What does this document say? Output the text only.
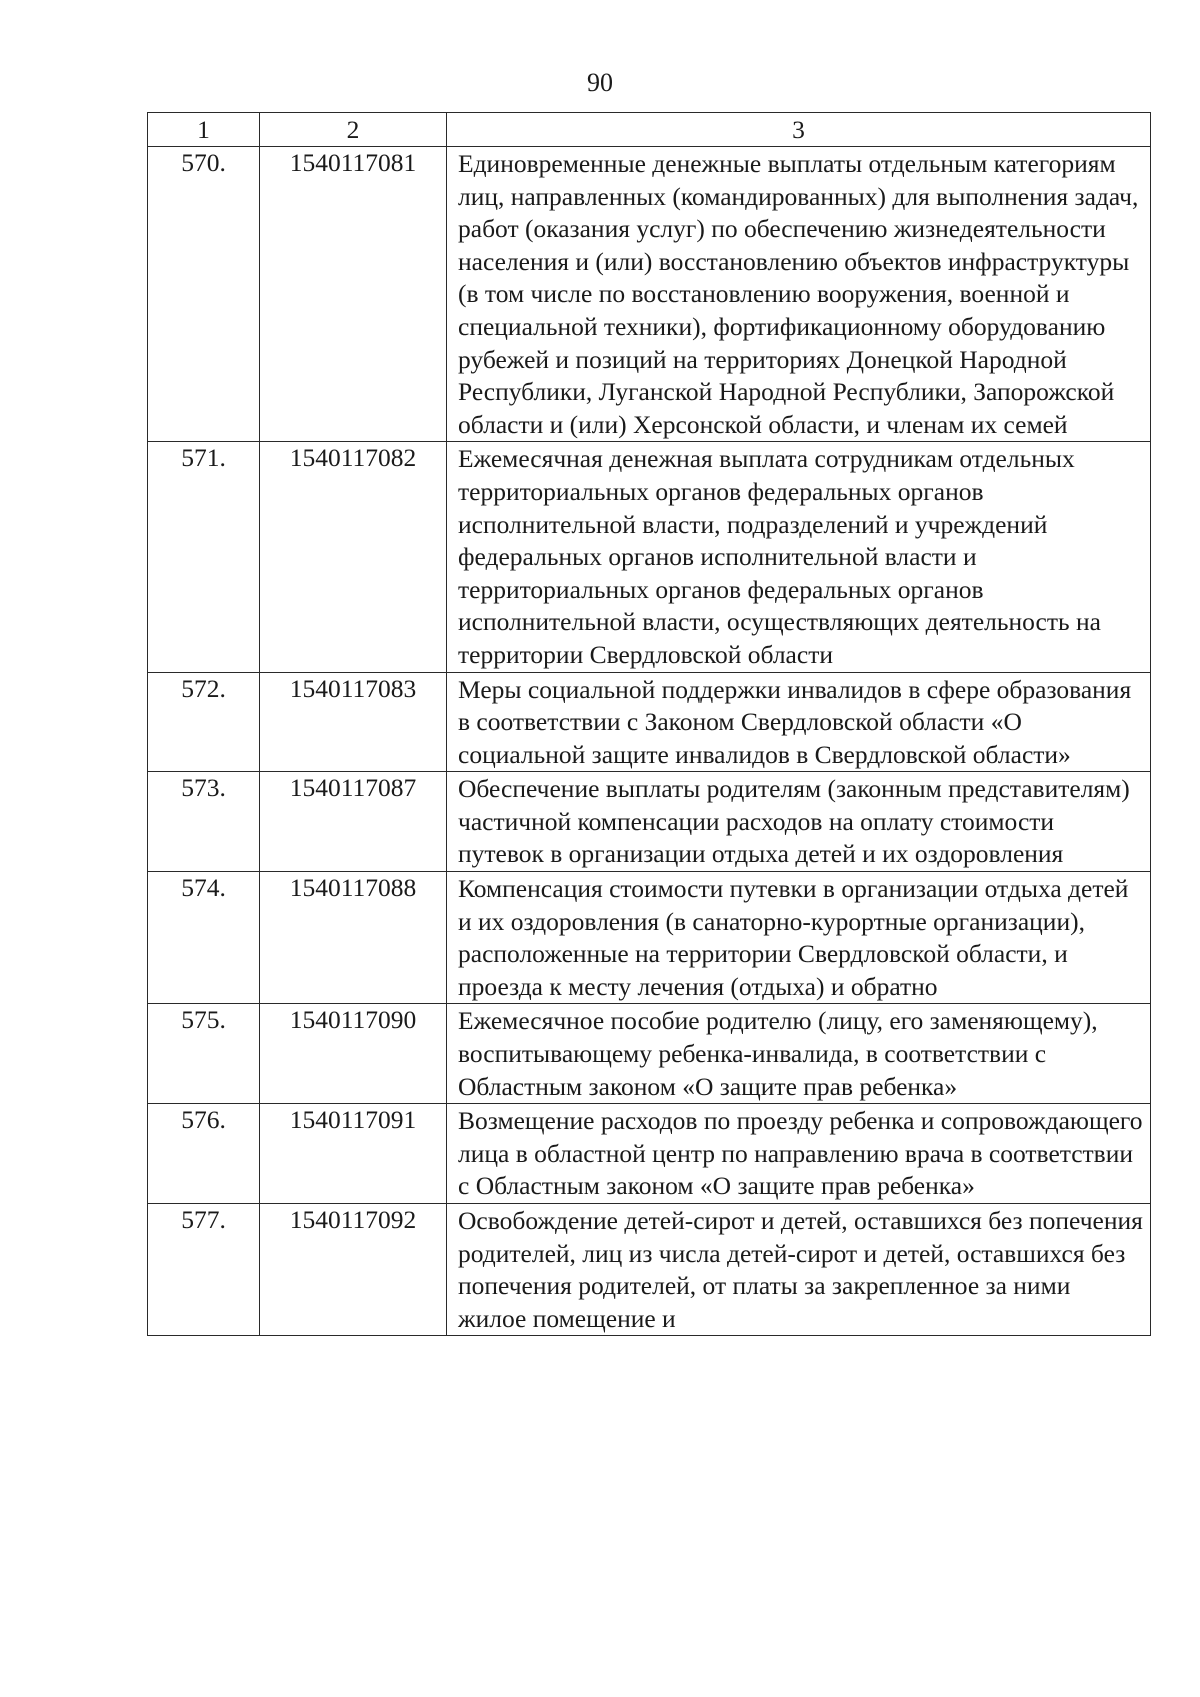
90
1	2	3
570.	1540117081	Единовременные денежные выплаты отдельным категориям лиц, направленных (командированных) для выполнения задач, работ (оказания услуг) по обеспечению жизнедеятельности населения и (или) восстановлению объектов инфраструктуры (в том числе по восстановлению вооружения, военной и специальной техники), фортификационному оборудованию рубежей и позиций на территориях Донецкой Народной Республики, Луганской Народной Республики, Запорожской области и (или) Херсонской области, и членам их семей
571.	1540117082	Ежемесячная денежная выплата сотрудникам отдельных территориальных органов федеральных органов исполнительной власти, подразделений и учреждений федеральных органов исполнительной власти и территориальных органов федеральных органов исполнительной власти, осуществляющих деятельность на территории Свердловской области
572.	1540117083	Меры социальной поддержки инвалидов в сфере образования в соответствии с Законом Свердловской области «О социальной защите инвалидов в Свердловской области»
573.	1540117087	Обеспечение выплаты родителям (законным представителям) частичной компенсации расходов на оплату стоимости путевок в организации отдыха детей и их оздоровления
574.	1540117088	Компенсация стоимости путевки в организации отдыха детей и их оздоровления (в санаторно-курортные организации), расположенные на территории Свердловской области, и проезда к месту лечения (отдыха) и обратно
575.	1540117090	Ежемесячное пособие родителю (лицу, его заменяющему), воспитывающему ребенка-инвалида, в соответствии с Областным законом «О защите прав ребенка»
576.	1540117091	Возмещение расходов по проезду ребенка и сопровождающего лица в областной центр по направлению врача в соответствии с Областным законом «О защите прав ребенка»
577.	1540117092	Освобождение детей-сирот и детей, оставшихся без попечения родителей, лиц из числа детей-сирот и детей, оставшихся без попечения родителей, от платы за закрепленное за ними жилое помещение и
